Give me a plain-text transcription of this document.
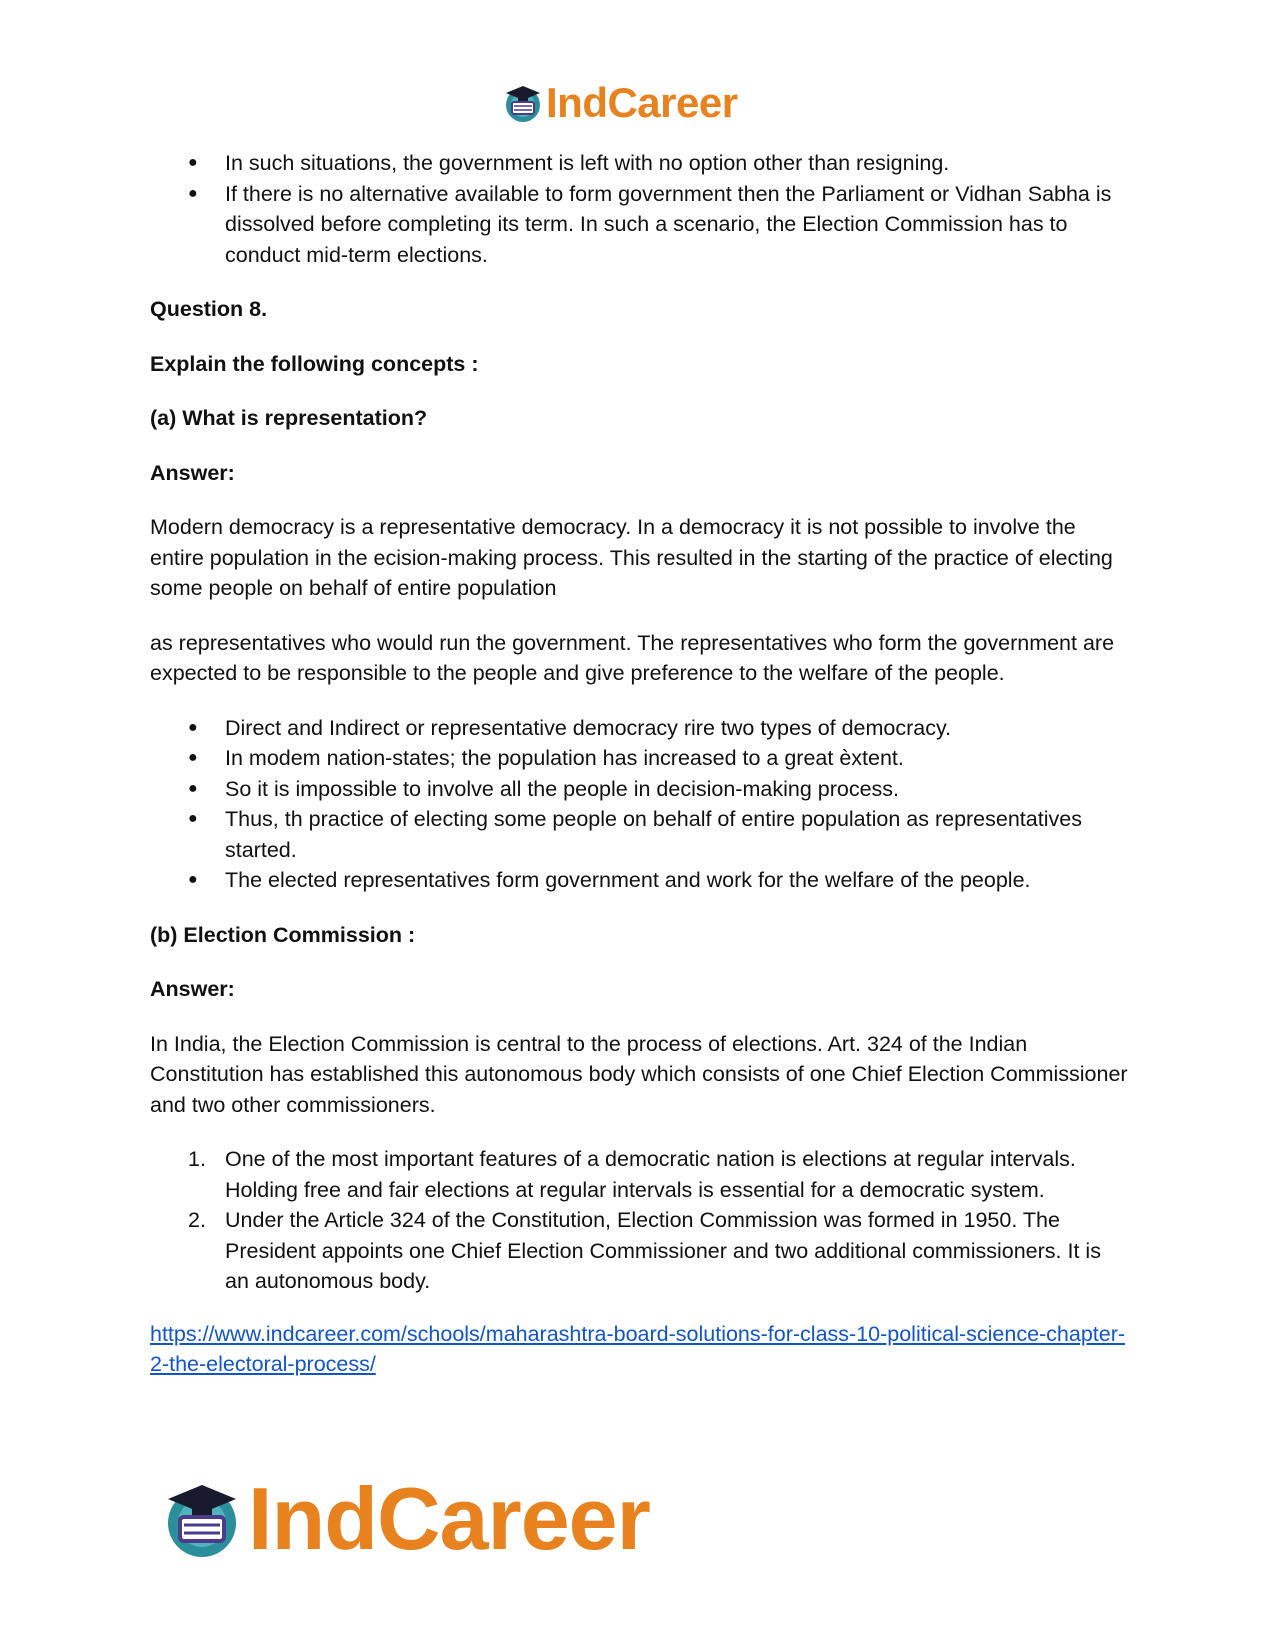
IndCareer
● In such situations, the government is left with no option other than resigning.
● If there is no alternative available to form government then the Parliament or Vidhan Sabha is dissolved before completing its term. In such a scenario, the Election Commission has to conduct mid-term elections.

Question 8.

Explain the following concepts :

(a) What is representation?

Answer:

Modern democracy is a representative democracy. In a democracy it is not possible to involve the entire population in the ecision-making process. This resulted in the starting of the practice of electing some people on behalf of entire population

as representatives who would run the government. The representatives who form the government are expected to be responsible to the people and give preference to the welfare of the people.

● Direct and Indirect or representative democracy rire two types of democracy.
● In modem nation-states; the population has increased to a great èxtent.
● So it is impossible to involve all the people in decision-making process.
● Thus, th practice of electing some people on behalf of entire population as representatives started.
● The elected representatives form government and work for the welfare of the people.

(b) Election Commission :

Answer:

In India, the Election Commission is central to the process of elections. Art. 324 of the Indian Constitution has established this autonomous body which consists of one Chief Election Commissioner and two other commissioners.

1. One of the most important features of a democratic nation is elections at regular intervals. Holding free and fair elections at regular intervals is essential for a democratic system.
2. Under the Article 324 of the Constitution, Election Commission was formed in 1950. The President appoints one Chief Election Commissioner and two additional commissioners. It is an autonomous body.
https://www.indcareer.com/schools/maharashtra-board-solutions-for-class-10-political-science-chapter-2-the-electoral-process/
IndCareer
